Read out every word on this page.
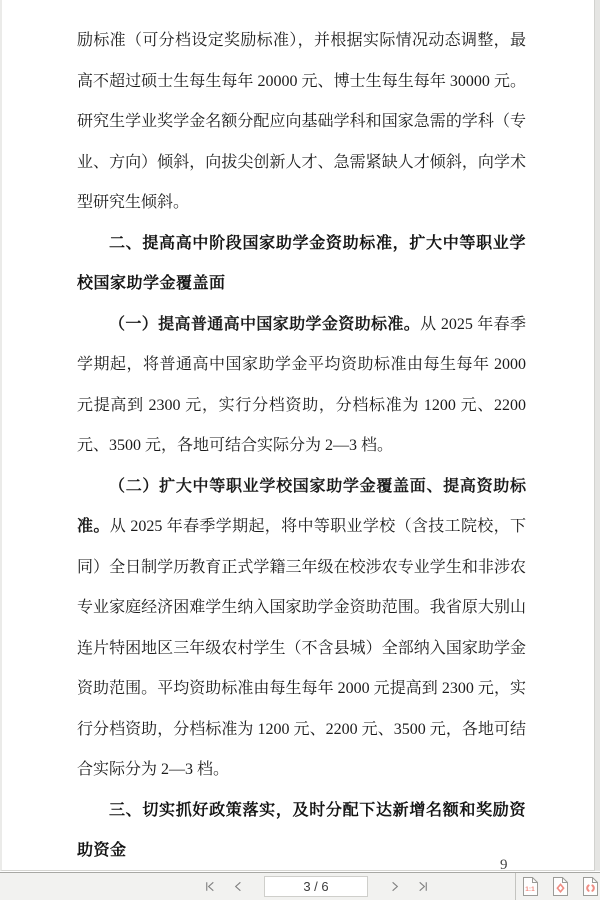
励标准（可分档设定奖励标准），并根据实际情况动态调整，最高不超过硕士生每生每年 20000 元、博士生每生每年 30000 元。研究生学业奖学金名额分配应向基础学科和国家急需的学科（专业、方向）倾斜，向拔尖创新人才、急需紧缺人才倾斜，向学术型研究生倾斜。

二、提高高中阶段国家助学金资助标准，扩大中等职业学校国家助学金覆盖面

（一）提高普通高中国家助学金资助标准。从 2025 年春季学期起，将普通高中国家助学金平均资助标准由每生每年 2000 元提高到 2300 元，实行分档资助，分档标准为 1200 元、2200 元、3500 元，各地可结合实际分为 2—3 档。

（二）扩大中等职业学校国家助学金覆盖面、提高资助标准。从 2025 年春季学期起，将中等职业学校（含技工院校，下同）全日制学历教育正式学籍三年级在校涉农专业学生和非涉农专业家庭经济困难学生纳入国家助学金资助范围。我省原大别山连片特困地区三年级农村学生（不含县城）全部纳入国家助学金资助范围。平均资助标准由每生每年 2000 元提高到 2300 元，实行分档资助，分档标准为 1200 元、2200 元、3500 元，各地可结合实际分为 2—3 档。

三、切实抓好政策落实，及时分配下达新增名额和奖励资助资金

9
3 / 6	1:1
